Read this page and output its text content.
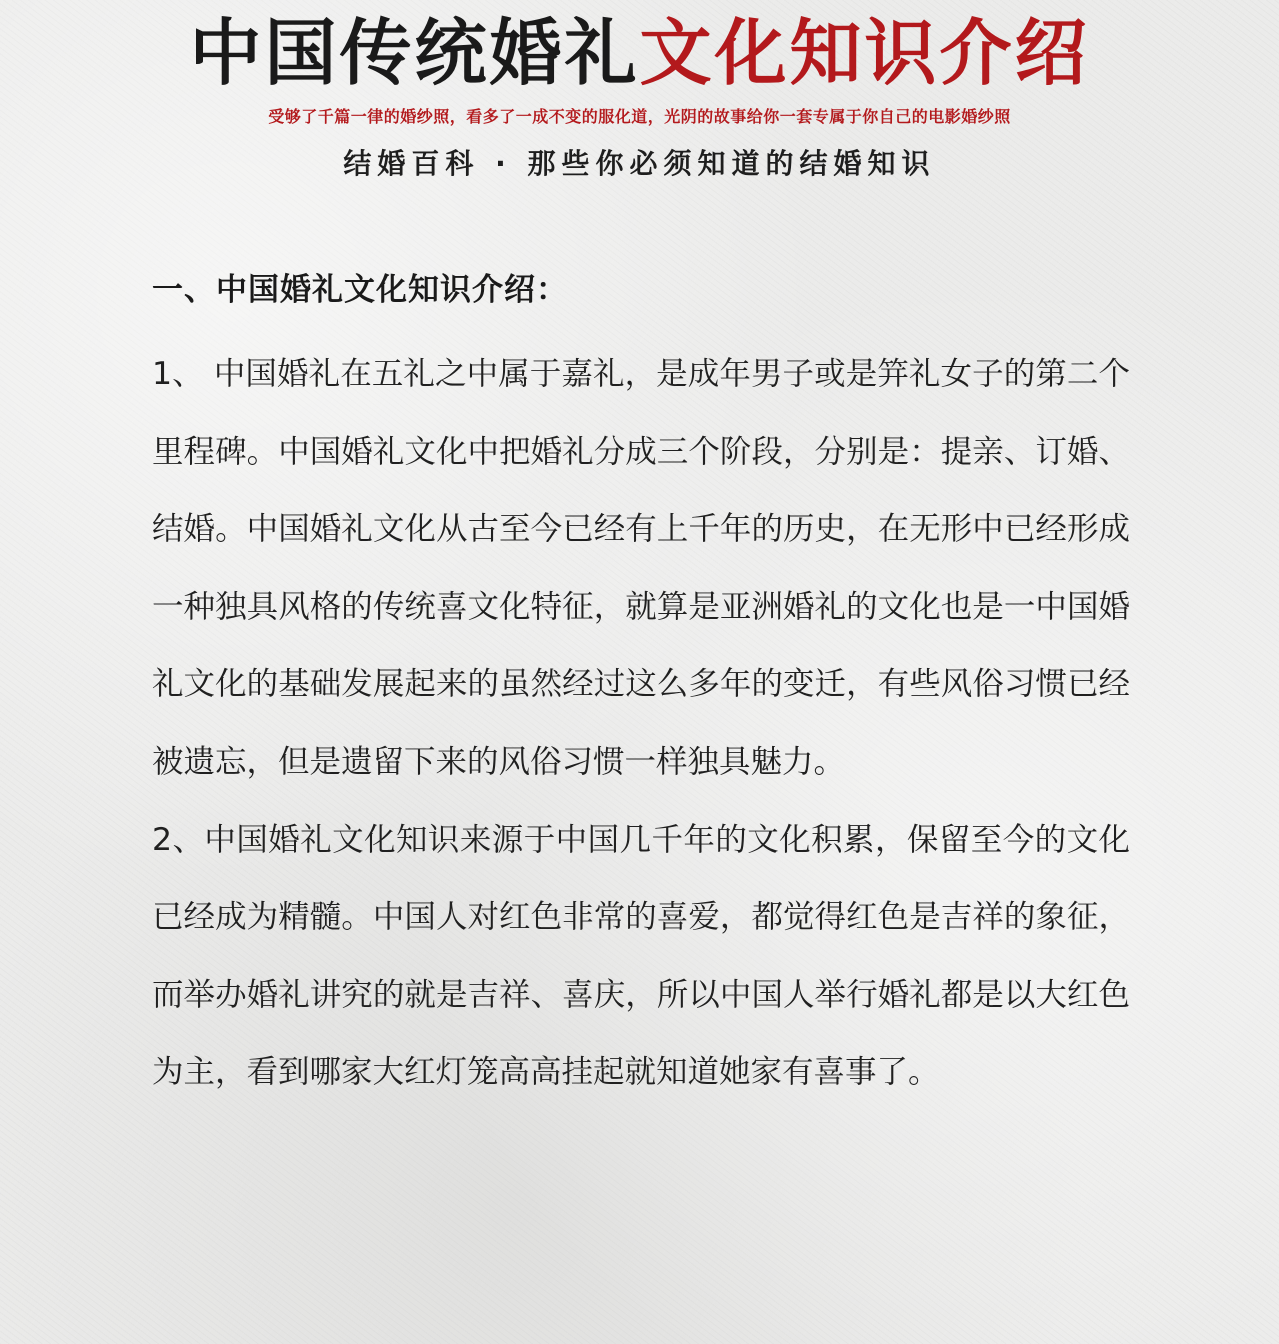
中国传统婚礼文化知识介绍
受够了千篇一律的婚纱照，看多了一成不变的服化道，光阴的故事给你一套专属于你自己的电影婚纱照
结婚百科 · 那些你必须知道的结婚知识
一、中国婚礼文化知识介绍：

1、 中国婚礼在五礼之中属于嘉礼，是成年男子或是笄礼女子的第二个里程碑。中国婚礼文化中把婚礼分成三个阶段，分别是：提亲、订婚、结婚。中国婚礼文化从古至今已经有上千年的历史，在无形中已经形成一种独具风格的传统喜文化特征，就算是亚洲婚礼的文化也是一中国婚礼文化的基础发展起来的虽然经过这么多年的变迁，有些风俗习惯已经被遗忘，但是遗留下来的风俗习惯一样独具魅力。

2、中国婚礼文化知识来源于中国几千年的文化积累，保留至今的文化已经成为精髓。中国人对红色非常的喜爱，都觉得红色是吉祥的象征，而举办婚礼讲究的就是吉祥、喜庆，所以中国人举行婚礼都是以大红色为主，看到哪家大红灯笼高高挂起就知道她家有喜事了。
